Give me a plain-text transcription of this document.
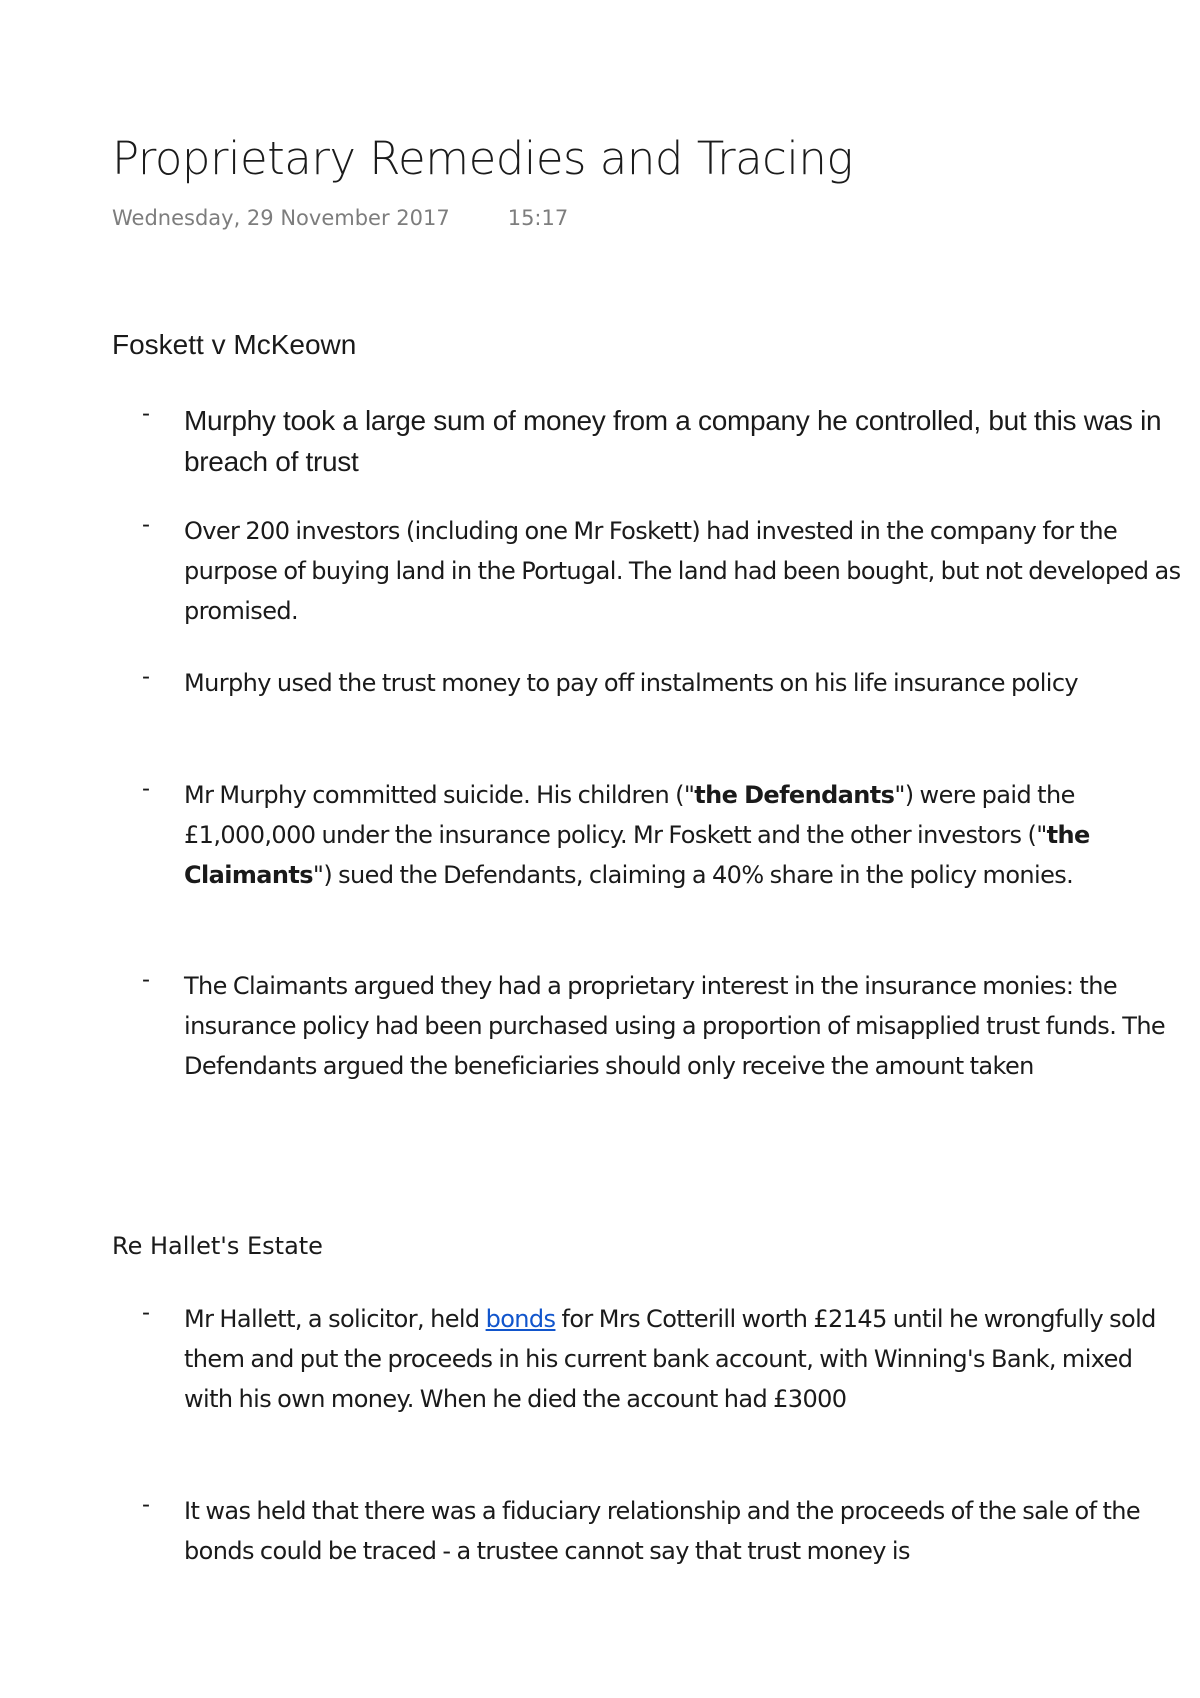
Proprietary Remedies and Tracing
Wednesday, 29 November 2017	15:17
Foskett v McKeown
- Murphy took a large sum of money from a company he controlled, but this was in breach of trust
- Over 200 investors (including one Mr Foskett) had invested in the company for the purpose of buying land in the Portugal. The land had been bought, but not developed as promised.
- Murphy used the trust money to pay off instalments on his life insurance policy
- Mr Murphy committed suicide. His children ("the Defendants") were paid the £1,000,000 under the insurance policy. Mr Foskett and the other investors ("the Claimants") sued the Defendants, claiming a 40% share in the policy monies.
- The Claimants argued they had a proprietary interest in the insurance monies: the insurance policy had been purchased using a proportion of misapplied trust funds. The Defendants argued the beneficiaries should only receive the amount taken
Re Hallet's Estate
- Mr Hallett, a solicitor, held bonds for Mrs Cotterill worth £2145 until he wrongfully sold them and put the proceeds in his current bank account, with Winning's Bank, mixed with his own money. When he died the account had £3000
- It was held that there was a fiduciary relationship and the proceeds of the sale of the bonds could be traced - a trustee cannot say that trust money is
